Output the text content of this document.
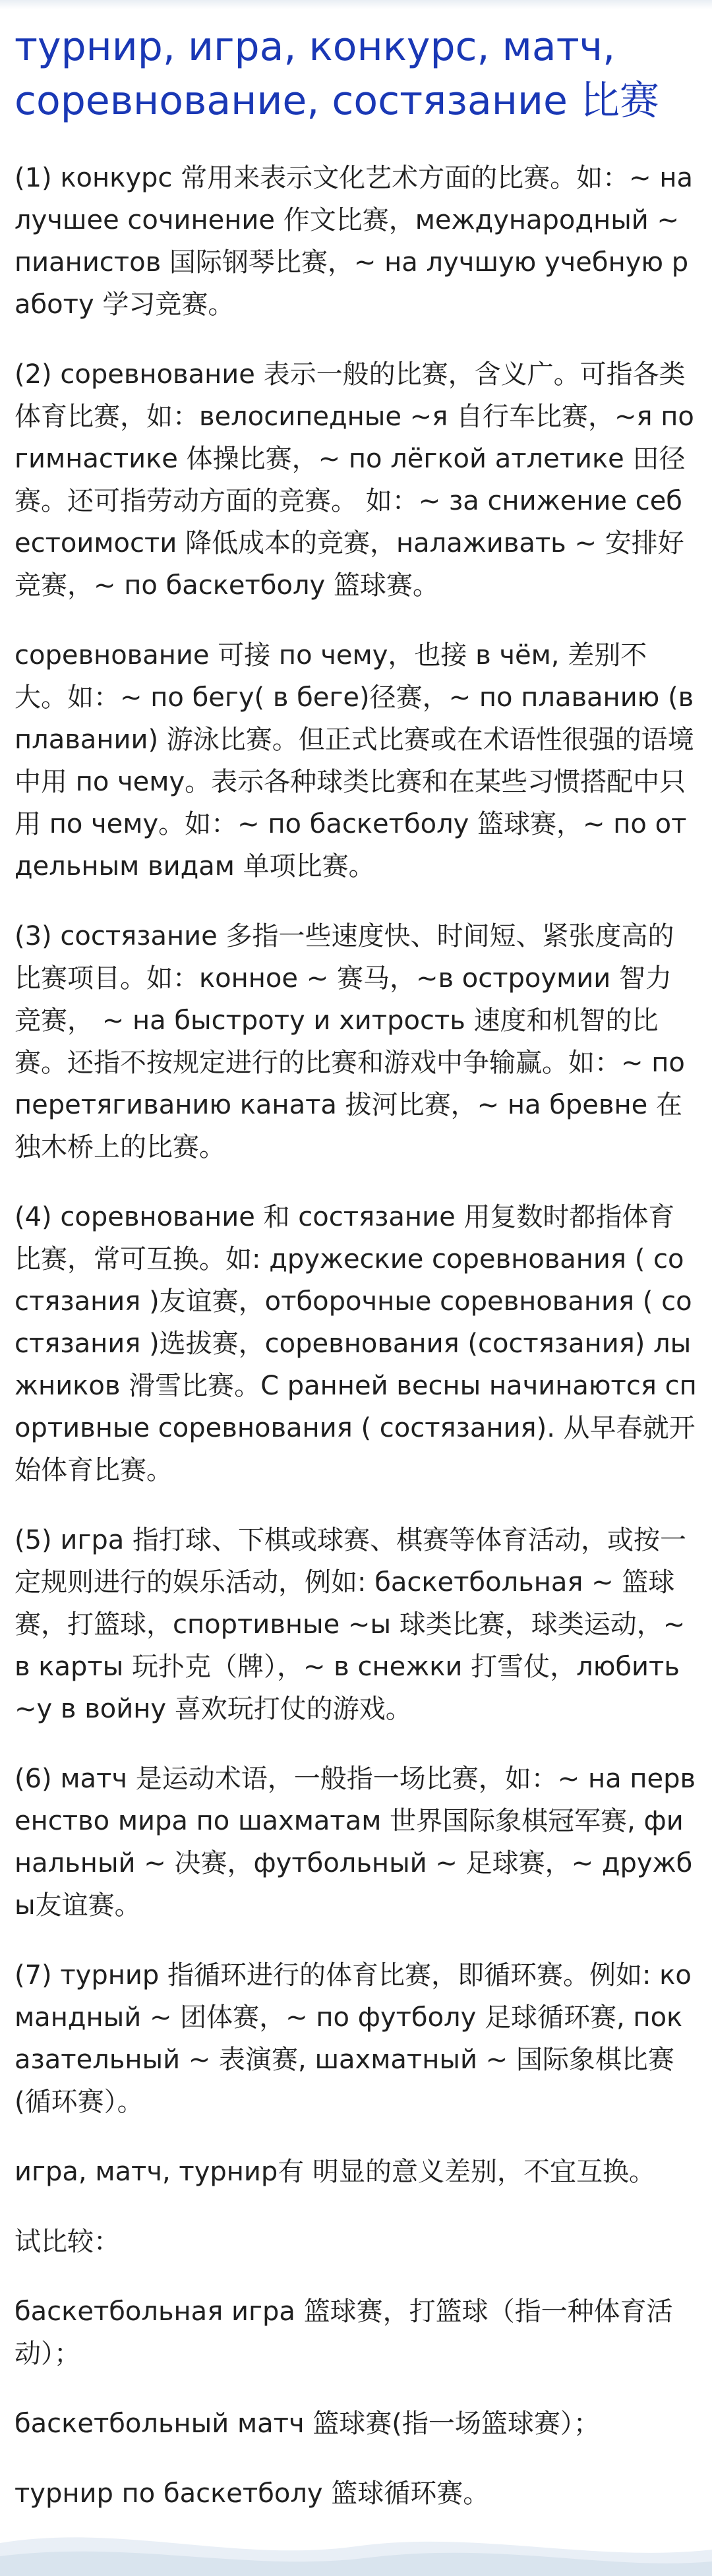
турнир, игра, конкурс, матч, соревнование, состязание 比赛

(1) конкурс 常用来表示文化艺术方面的比赛。如：~ на лучшее сочинение 作文比赛，международный ~ пианистов 国际钢琴比赛，~ на лучшую учебную работу 学习竞赛。

(2) соревнование 表示一般的比赛，含义广。可指各类体育比赛，如：велосипедные ~я 自行车比赛，~я по гимнастике 体操比赛，~ по лёгкой атлетике 田径赛。还可指劳动方面的竞赛。 如：~ за снижение себестоимости 降低成本的竞赛，налаживать ~ 安排好竞赛，~ по баскетболу 篮球赛。

соревнование 可接 по чему，也接 в чём, 差别不大。如：~ по бегу( в беге)径赛，~ по плаванию (в плавании) 游泳比赛。但正式比赛或在术语性很强的语境中用 по чему。表示各种球类比赛和在某些习惯搭配中只用 по чему。如：~ по баскетболу 篮球赛，~ по отдельным видам 单项比赛。

(3) состязание 多指一些速度快、时间短、紧张度高的比赛项目。如：конное ~ 赛马，~в остроумии 智力竞赛， ~ на быстроту и хитрость 速度和机智的比赛。还指不按规定进行的比赛和游戏中争输赢。如：~ по перетягиванию каната 拔河比赛，~ на бревне 在独木桥上的比赛。

(4) соревнование 和 состязание 用复数时都指体育比赛，常可互换。如: дружеские соревнования ( состязания )友谊赛，отборочные соревнования ( состязания )选拔赛，соревнования (состязания) лыжников 滑雪比赛。С ранней весны начинаются спортивные соревнования ( состязания). 从早春就开始体育比赛。

(5) игра 指打球、下棋或球赛、棋赛等体育活动，或按一定规则进行的娱乐活动，例如: баскетбольная ~ 篮球赛，打篮球，спортивные ~ы 球类比赛，球类运动，~ в карты 玩扑克（牌），~ в снежки 打雪仗，любить ~у в войну 喜欢玩打仗的游戏。

(6) матч 是运动术语，一般指一场比赛，如：~ на первенство мира по шахматам 世界国际象棋冠军赛, финальный ~ 决赛，футбольный ~ 足球赛，~ дружбы友谊赛。

(7) турнир 指循环进行的体育比赛，即循环赛。例如: командный ~ 团体赛，~ по футболу 足球循环赛, показательный ~ 表演赛, шахматный ~ 国际象棋比赛(循环赛）。

игра, матч, турнир有 明显的意义差别，不宜互换。

试比较：

баскетбольная игра 篮球赛，打篮球（指一种体育活动）；

баскетбольный матч 篮球赛(指一场篮球赛）；

турнир по баскетболу 篮球循环赛。
